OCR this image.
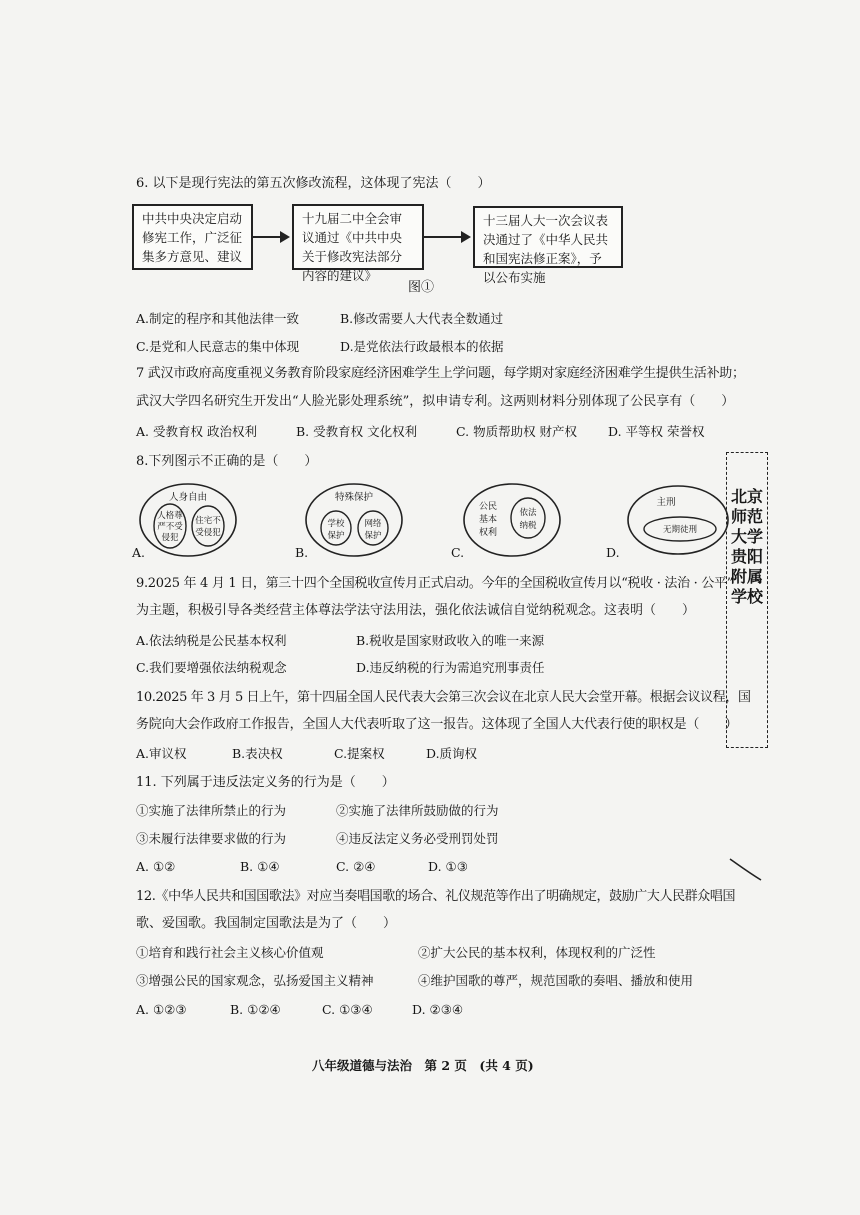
6. 以下是现行宪法的第五次修改流程，这体现了宪法（　　）
中共中央决定启动修宪工作，广泛征集多方意见、建议
十九届二中全会审议通过《中共中央关于修改宪法部分内容的建议》
十三届人大一次会议表决通过了《中华人民共和国宪法修正案》，予以公布实施
图①
A.制定的程序和其他法律一致	B.修改需要人大代表全数通过
C.是党和人民意志的集中体现	D.是党依法行政最根本的依据
7 武汉市政府高度重视义务教育阶段家庭经济困难学生上学问题，每学期对家庭经济困难学生提供生活补助；
武汉大学四名研究生开发出“人脸光影处理系统”，拟申请专利。这两则材料分别体现了公民享有（　　）
A. 受教育权 政治权利	B. 受教育权 文化权利	C. 物质帮助权 财产权 D. 平等权 荣誉权
8.下列图示不正确的是（　　）
人身自由
人格尊
严不受
侵犯
住宅不
受侵犯
特殊保护
学校
保护
网络
保护
公民
基本
权利
依法
纳税
主刑
无期徒刑
A.	B.	C.	D.
9.2025 年 4 月 1 日，第三十四个全国税收宣传月正式启动。今年的全国税收宣传月以“税收 · 法治 · 公平”
为主题，积极引导各类经营主体尊法学法守法用法，强化依法诚信自觉纳税观念。这表明（　　）
A.依法纳税是公民基本权利	B.税收是国家财政收入的唯一来源
C.我们要增强依法纳税观念	D.违反纳税的行为需追究刑事责任
10.2025 年 3 月 5 日上午，第十四届全国人民代表大会第三次会议在北京人民大会堂开幕。根据会议议程，国
务院向大会作政府工作报告，全国人大代表听取了这一报告。这体现了全国人大代表行使的职权是（　　）
A.审议权	B.表决权	C.提案权	D.质询权
11. 下列属于违反法定义务的行为是（　　）
①实施了法律所禁止的行为	②实施了法律所鼓励做的行为
③未履行法律要求做的行为	④违反法定义务必受刑罚处罚
A. ①②	B. ①④	C. ②④	D. ①③
12.《中华人民共和国国歌法》对应当奏唱国歌的场合、礼仪规范等作出了明确规定，鼓励广大人民群众唱国
歌、爱国歌。我国制定国歌法是为了（　　）
①培育和践行社会主义核心价值观	②扩大公民的基本权利，体现权利的广泛性
③增强公民的国家观念，弘扬爱国主义精神	④维护国歌的尊严，规范国歌的奏唱、播放和使用
A. ①②③	B. ①②④	C. ①③④	D. ②③④
北京师范大学贵阳附属学校
八年级道德与法治　第 2 页　(共 4 页)
